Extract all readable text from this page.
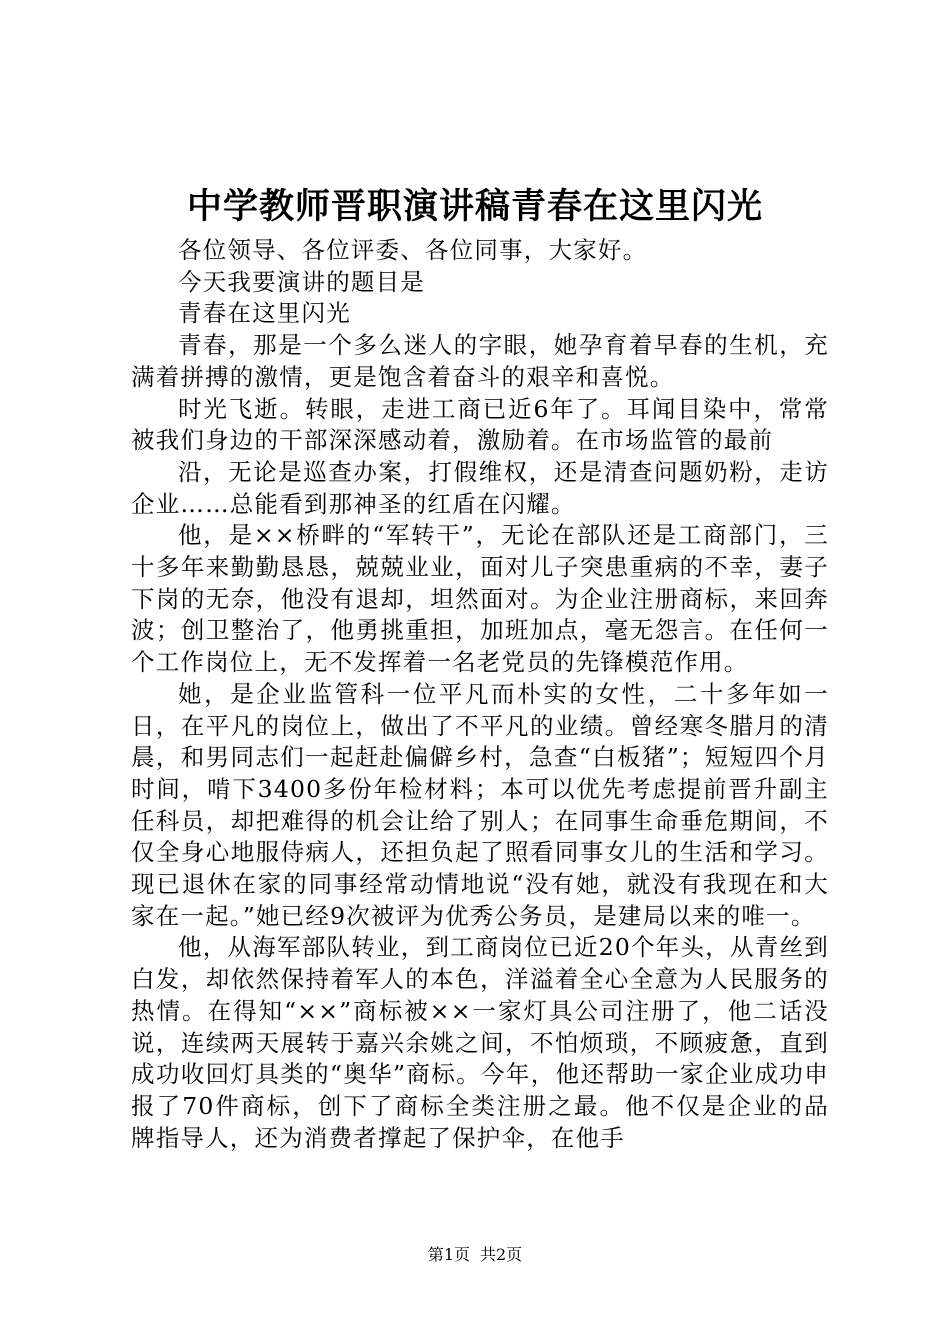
中学教师晋职演讲稿青春在这里闪光

各位领导、各位评委、各位同事，大家好。

今天我要演讲的题目是

青春在这里闪光

青春，那是一个多么迷人的字眼，她孕育着早春的生机，充满着拼搏的激情，更是饱含着奋斗的艰辛和喜悦。

时光飞逝。转眼，走进工商已近6年了。耳闻目染中，常常被我们身边的干部深深感动着，激励着。在市场监管的最前

沿，无论是巡查办案，打假维权，还是清查问题奶粉，走访企业……总能看到那神圣的红盾在闪耀。

他，是××桥畔的“军转干”，无论在部队还是工商部门，三十多年来勤勤恳恳，兢兢业业，面对儿子突患重病的不幸，妻子下岗的无奈，他没有退却，坦然面对。为企业注册商标，来回奔波；创卫整治了，他勇挑重担，加班加点，毫无怨言。在任何一个工作岗位上，无不发挥着一名老党员的先锋模范作用。

她，是企业监管科一位平凡而朴实的女性，二十多年如一日，在平凡的岗位上，做出了不平凡的业绩。曾经寒冬腊月的清晨，和男同志们一起赶赴偏僻乡村，急查“白板猪”；短短四个月时间，啃下3400多份年检材料；本可以优先考虑提前晋升副主任科员，却把难得的机会让给了别人；在同事生命垂危期间，不仅全身心地服侍病人，还担负起了照看同事女儿的生活和学习。现已退休在家的同事经常动情地说“没有她，就没有我现在和大家在一起。”她已经9次被评为优秀公务员，是建局以来的唯一。

他，从海军部队转业，到工商岗位已近20个年头，从青丝到白发，却依然保持着军人的本色，洋溢着全心全意为人民服务的热情。在得知“××”商标被××一家灯具公司注册了，他二话没说，连续两天展转于嘉兴余姚之间，不怕烦琐，不顾疲惫，直到成功收回灯具类的“奥华”商标。今年，他还帮助一家企业成功申报了70件商标，创下了商标全类注册之最。他不仅是企业的品牌指导人，还为消费者撑起了保护伞，在他手

第1页 共2页
